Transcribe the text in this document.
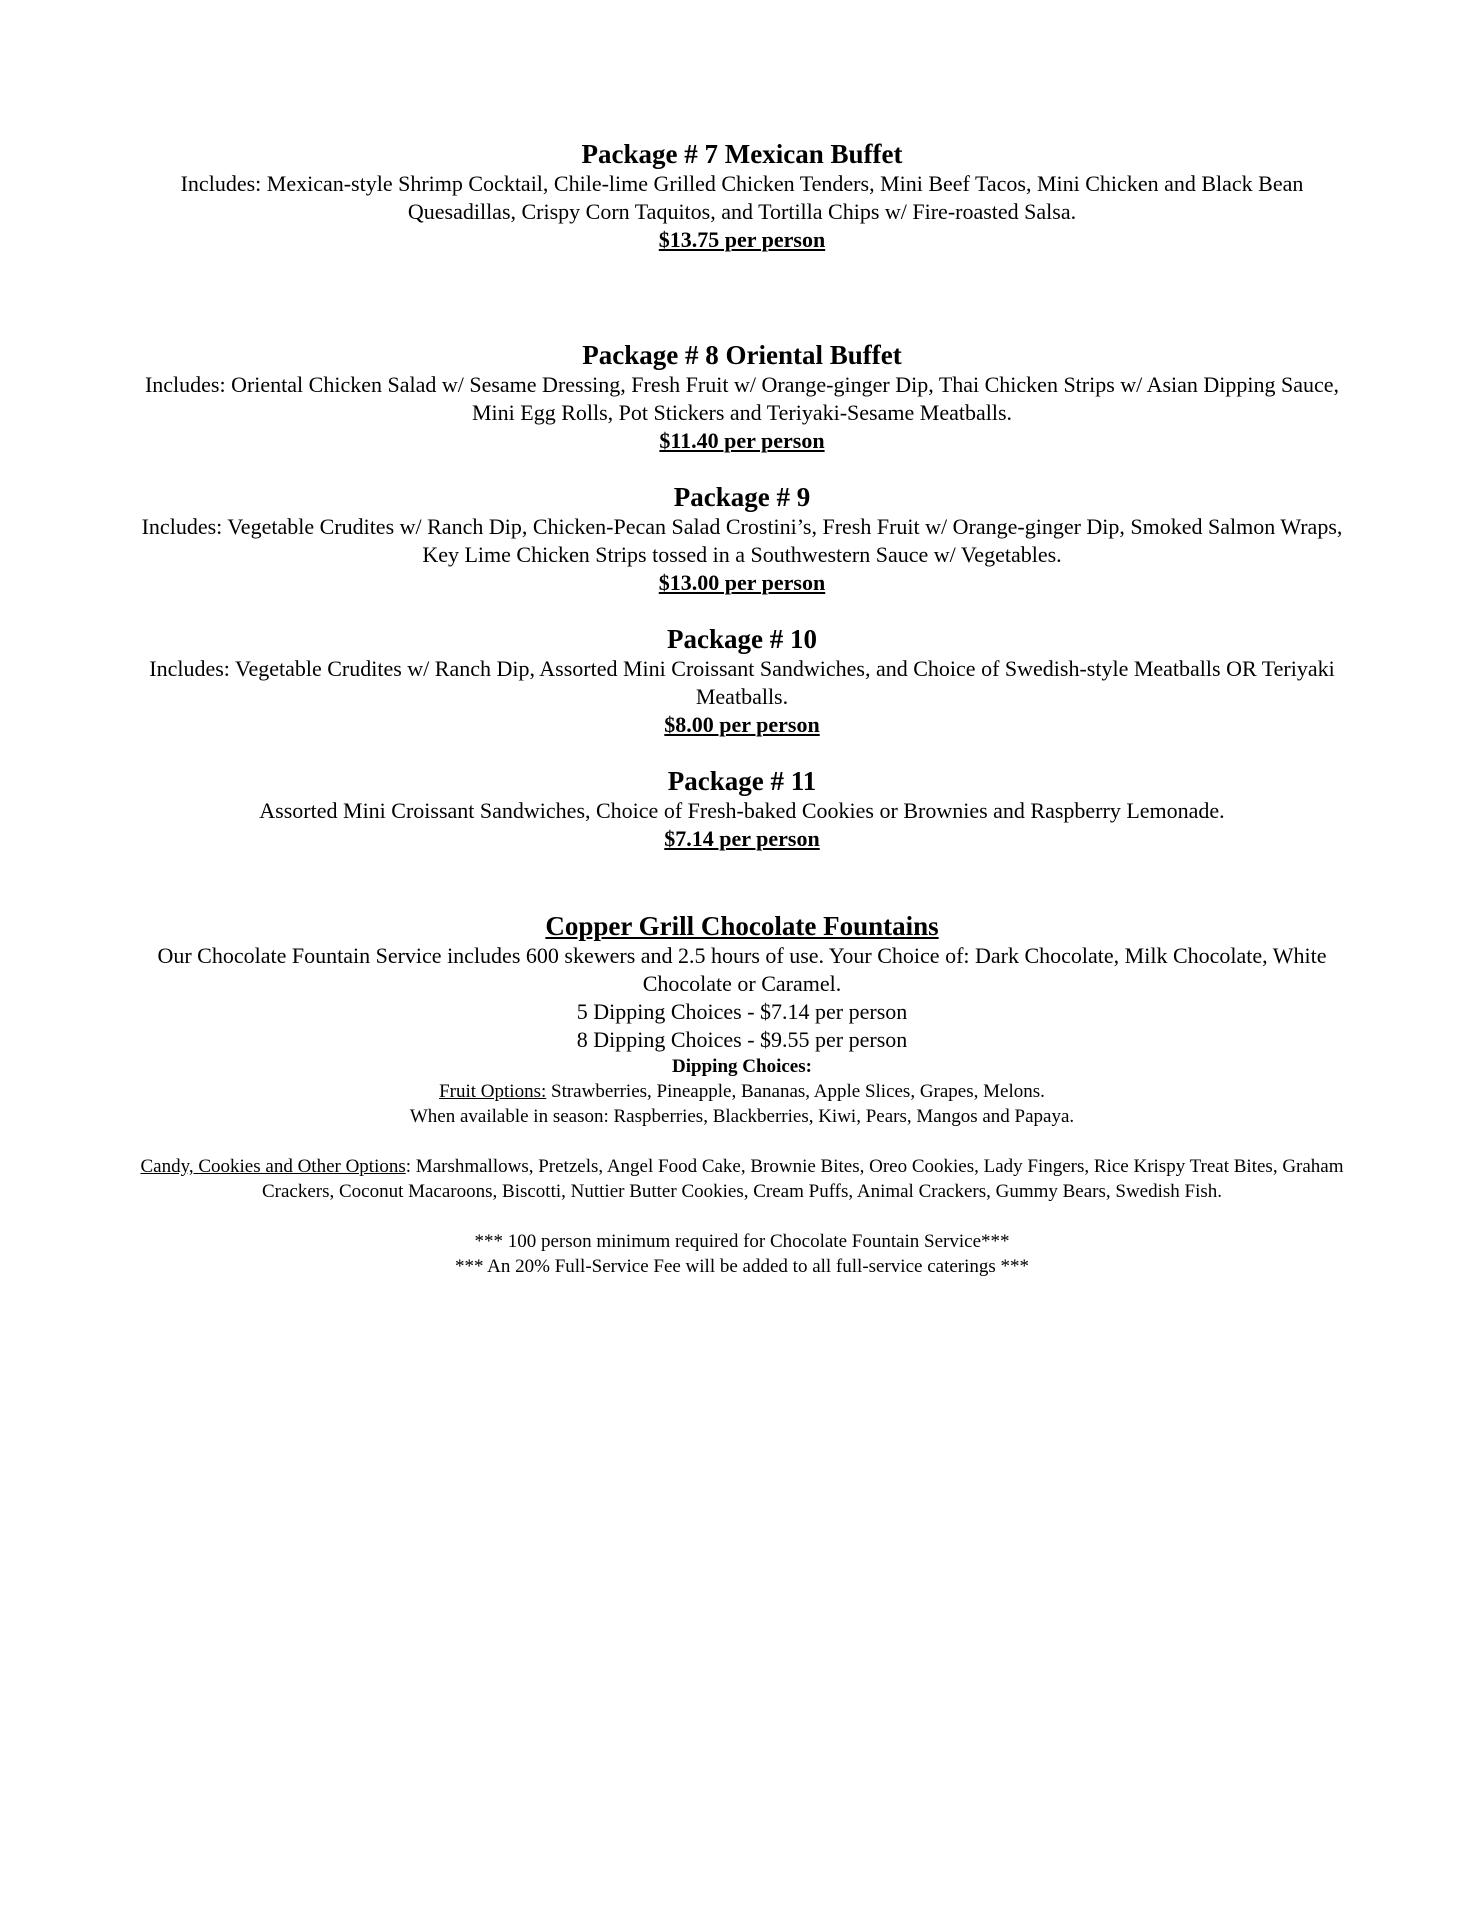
Package # 7 Mexican Buffet
Includes: Mexican-style Shrimp Cocktail, Chile-lime Grilled Chicken Tenders, Mini Beef Tacos, Mini Chicken and Black Bean Quesadillas, Crispy Corn Taquitos, and Tortilla Chips w/ Fire-roasted Salsa.
$13.75 per person
Package # 8 Oriental Buffet
Includes: Oriental Chicken Salad w/ Sesame Dressing, Fresh Fruit w/ Orange-ginger Dip, Thai Chicken Strips w/ Asian Dipping Sauce, Mini Egg Rolls, Pot Stickers and Teriyaki-Sesame Meatballs.
$11.40 per person
Package # 9
Includes: Vegetable Crudites w/ Ranch Dip, Chicken-Pecan Salad Crostini’s, Fresh Fruit w/ Orange-ginger Dip, Smoked Salmon Wraps, Key Lime Chicken Strips tossed in a Southwestern Sauce w/ Vegetables.
$13.00 per person
Package # 10
Includes: Vegetable Crudites w/ Ranch Dip, Assorted Mini Croissant Sandwiches, and Choice of Swedish-style Meatballs OR Teriyaki Meatballs.
$8.00 per person
Package # 11
Assorted Mini Croissant Sandwiches, Choice of Fresh-baked Cookies or Brownies and Raspberry Lemonade.
$7.14 per person
Copper Grill Chocolate Fountains
Our Chocolate Fountain Service includes 600 skewers and 2.5 hours of use. Your Choice of: Dark Chocolate, Milk Chocolate, White Chocolate or Caramel.
5 Dipping Choices - $7.14 per person
8 Dipping Choices - $9.55 per person
Dipping Choices:
Fruit Options: Strawberries, Pineapple, Bananas, Apple Slices, Grapes, Melons.
When available in season: Raspberries, Blackberries, Kiwi, Pears, Mangos and Papaya.
Candy, Cookies and Other Options: Marshmallows, Pretzels, Angel Food Cake, Brownie Bites, Oreo Cookies, Lady Fingers, Rice Krispy Treat Bites, Graham Crackers, Coconut Macaroons, Biscotti, Nuttier Butter Cookies, Cream Puffs, Animal Crackers, Gummy Bears, Swedish Fish.
*** 100 person minimum required for Chocolate Fountain Service***
*** An 20% Full-Service Fee will be added to all full-service caterings ***
